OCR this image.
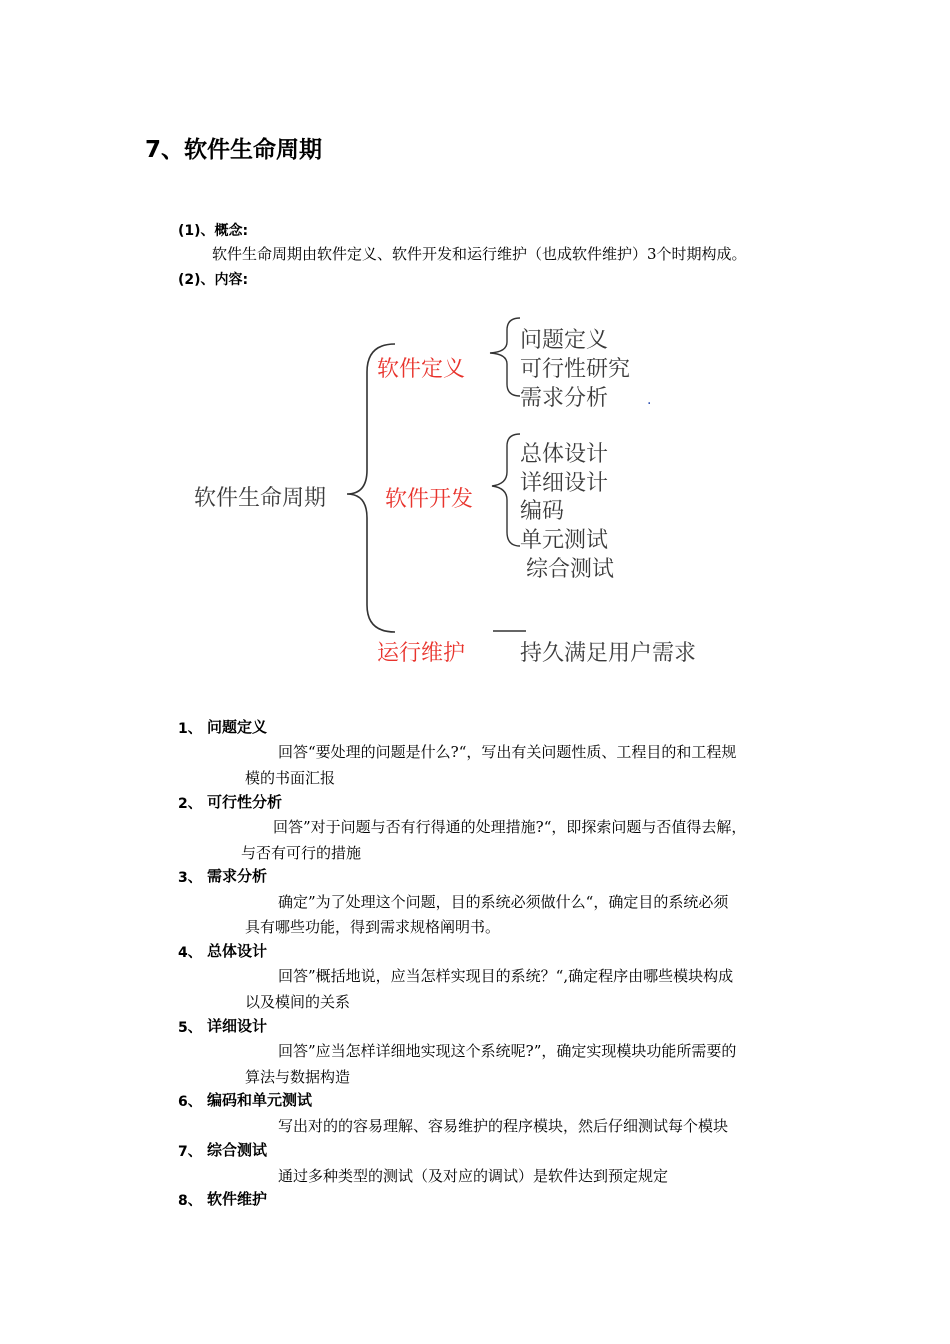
7、软件生命周期
(1)、概念:
软件生命周期由软件定义、软件开发和运行维护（也成软件维护）3个时期构成。
(2)、内容:
软件生命周期
软件定义
软件开发
运行维护
问题定义
可行性研究
需求分析	.
总体设计
详细设计
编码
单元测试
综合测试
持久满足用户需求
1、 问题定义
回答“要处理的问题是什么?“，写出有关问题性质、工程目的和工程规
模的书面汇报
2、 可行性分析
回答”对于问题与否有行得通的处理措施?“，即探索问题与否值得去解，
与否有可行的措施
3、 需求分析
确定”为了处理这个问题，目的系统必须做什么“，确定目的系统必须
具有哪些功能，得到需求规格阐明书。
4、 总体设计
回答”概括地说，应当怎样实现目的系统？“,确定程序由哪些模块构成
以及模间的关系
5、 详细设计
回答”应当怎样详细地实现这个系统呢?”，确定实现模块功能所需要的
算法与数据构造
6、 编码和单元测试
写出对的的容易理解、容易维护的程序模块，然后仔细测试每个模块
7、 综合测试
通过多种类型的测试（及对应的调试）是软件达到预定规定
8、 软件维护
